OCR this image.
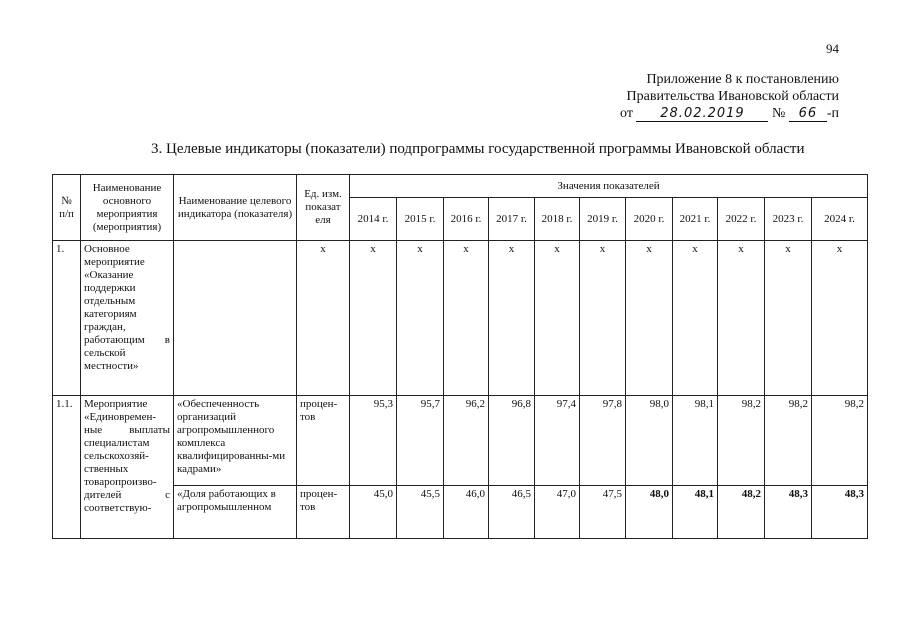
94
Приложение 8 к постановлению
Правительства Ивановской области
от 28.02.2019 № 66 -п
3. Целевые индикаторы (показатели) подпрограммы государственной программы Ивановской области
№ п/п	Наименование основного мероприятия (мероприятия)	Наименование целевого индикатора (показателя)	Ед. изм. показат еля	Значения показателей										
				2014 г.	2015 г.	2016 г.	2017 г.	2018 г.	2019 г.	2020 г.	2021 г.	2022 г.	2023 г.	2024 г.
1.	Основное мероприятие «Оказание поддержки отдельным категориям граждан, работающим в сельской местности»		х	х	х	х	х	х	х	х	х	х	х	х
1.1.	Мероприятие «Единовремен-ные выплаты специалистам сельскохозяй-ственных товаропроизво-дителей с соответствую-	«Обеспеченность организаций агропромышленного комплекса квалифицированны-ми кадрами»	процен-тов	95,3	95,7	96,2	96,8	97,4	97,8	98,0	98,1	98,2	98,2	98,2
		«Доля работающих в агропромышленном	процен-тов	45,0	45,5	46,0	46,5	47,0	47,5	48,0	48,1	48,2	48,3	48,3
